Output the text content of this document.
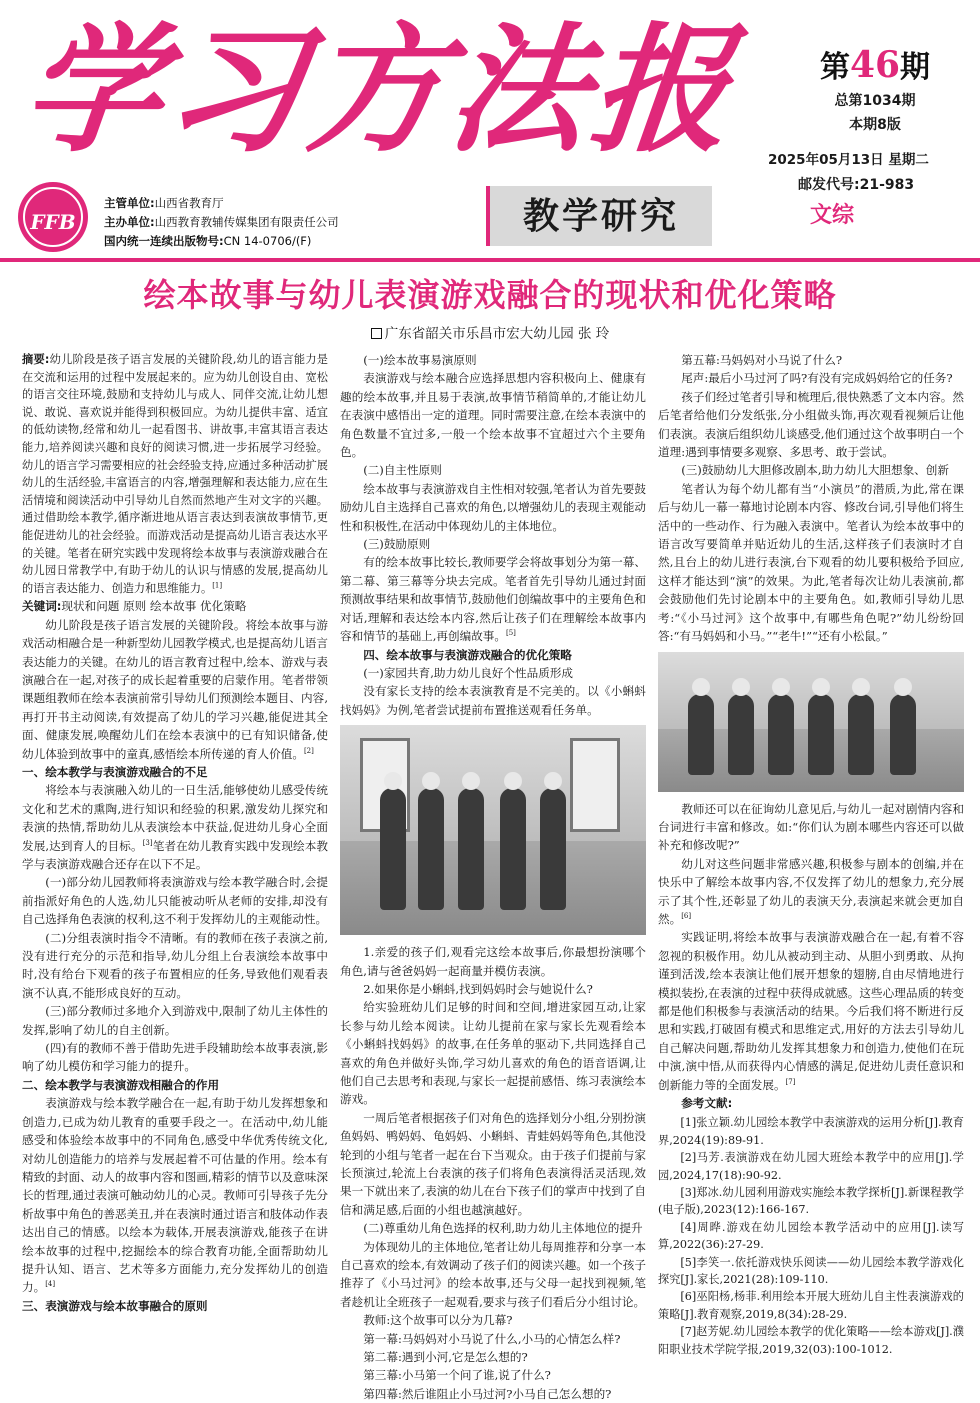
学习方法报	第46期
总第1034期
本期8版
2025年05月13日 星期二
邮发代号:21-983
FFB
主管单位:山西省教育厅
主办单位:山西教育教辅传媒集团有限责任公司
国内统一连续出版物号:CN 14-0706/(F)
教学研究	文综
绘本故事与幼儿表演游戏融合的现状和优化策略
广东省韶关市乐昌市宏大幼儿园 张 玲

摘要:幼儿阶段是孩子语言发展的关键阶段,幼儿的语言能力是在交流和运用的过程中发展起来的。应为幼儿创设自由、宽松的语言交往环境,鼓励和支持幼儿与成人、同伴交流,让幼儿想说、敢说、喜欢说并能得到积极回应。为幼儿提供丰富、适宜的低幼读物,经常和幼儿一起看图书、讲故事,丰富其语言表达能力,培养阅读兴趣和良好的阅读习惯,进一步拓展学习经验。幼儿的语言学习需要相应的社会经验支持,应通过多种活动扩展幼儿的生活经验,丰富语言的内容,增强理解和表达能力,应在生活情境和阅读活动中引导幼儿自然而然地产生对文字的兴趣。通过借助绘本教学,循序渐进地从语言表达到表演故事情节,更能促进幼儿的社会经验。而游戏活动是提高幼儿语言表达水平的关键。笔者在研究实践中发现将绘本故事与表演游戏融合在幼儿园日常教学中,有助于幼儿的认识与情感的发展,提高幼儿的语言表达能力、创造力和思维能力。[1]

关键词:现状和问题 原则 绘本故事 优化策略

幼儿阶段是孩子语言发展的关键阶段。将绘本故事与游戏活动相融合是一种新型幼儿园教学模式,也是提高幼儿语言表达能力的关键。在幼儿的语言教育过程中,绘本、游戏与表演融合在一起,对孩子的成长起着重要的启蒙作用。笔者带领课题组教师在绘本表演前常引导幼儿们预测绘本题目、内容,再打开书主动阅读,有效提高了幼儿的学习兴趣,能促进其全面、健康发展,唤醒幼儿们在绘本表演中的已有知识储备,使幼儿体验到故事中的童真,感悟绘本所传递的育人价值。[2]

一、绘本教学与表演游戏融合的不足

将绘本与表演融入幼儿的一日生活,能够使幼儿感受传统文化和艺术的熏陶,进行知识和经验的积累,激发幼儿探究和表演的热情,帮助幼儿从表演绘本中获益,促进幼儿身心全面发展,达到育人的目标。[3]笔者在幼儿教育实践中发现绘本教学与表演游戏融合还存在以下不足。

(一)部分幼儿园教师将表演游戏与绘本教学融合时,会提前指派好角色的人选,幼儿只能被动听从老师的安排,却没有自己选择角色表演的权利,这不利于发挥幼儿的主观能动性。

(二)分组表演时指令不清晰。有的教师在孩子表演之前,没有进行充分的示范和指导,幼儿分组上台表演绘本故事中时,没有给台下观看的孩子布置相应的任务,导致他们观看表演不认真,不能形成良好的互动。

(三)部分教师过多地介入到游戏中,限制了幼儿主体性的发挥,影响了幼儿的自主创新。

(四)有的教师不善于借助先进手段辅助绘本故事表演,影响了幼儿模仿和学习能力的提升。

二、绘本教学与表演游戏相融合的作用

表演游戏与绘本教学融合在一起,有助于幼儿发挥想象和创造力,已成为幼儿教育的重要手段之一。在活动中,幼儿能感受和体验绘本故事中的不同角色,感受中华优秀传统文化,对幼儿创造能力的培养与发展起着不可估量的作用。绘本有精致的封面、动人的故事内容和图画,精彩的情节以及意味深长的哲理,通过表演可触动幼儿的心灵。教师可引导孩子先分析故事中角色的善恶美丑,并在表演时通过语言和肢体动作表达出自己的情感。以绘本为载体,开展表演游戏,能孩子在讲绘本故事的过程中,挖掘绘本的综合教育功能,全面帮助幼儿提升认知、语言、艺术等多方面能力,充分发挥幼儿的创造力。[4]

三、表演游戏与绘本故事融合的原则

(一)绘本故事易演原则

表演游戏与绘本融合应选择思想内容积极向上、健康有趣的绘本故事,并且易于表演,故事情节稍简单的,才能让幼儿在表演中感悟出一定的道理。同时需要注意,在绘本表演中的角色数量不宜过多,一般一个绘本故事不宜超过六个主要角色。

(二)自主性原则

绘本故事与表演游戏自主性相对较强,笔者认为首先要鼓励幼儿自主选择自己喜欢的角色,以增强幼儿的表现主观能动性和积极性,在活动中体现幼儿的主体地位。

(三)鼓励原则

有的绘本故事比较长,教师要学会将故事划分为第一幕、第二幕、第三幕等分块去完成。笔者首先引导幼儿通过封面预测故事结果和故事情节,鼓励他们创编故事中的主要角色和对话,理解和表达绘本内容,然后让孩子们在理解绘本故事内容和情节的基础上,再创编故事。[5]

四、绘本故事与表演游戏融合的优化策略

(一)家园共育,助力幼儿良好个性品质形成

没有家长支持的绘本表演教育是不完美的。以《小蝌蚪找妈妈》为例,笔者尝试提前布置推送观看任务单。

1.亲爱的孩子们,观看完这绘本故事后,你最想扮演哪个角色,请与爸爸妈妈一起商量并模仿表演。

2.如果你是小蝌蚪,找到妈妈时会与她说什么?

给实验班幼儿们足够的时间和空间,增进家园互动,让家长参与幼儿绘本阅读。让幼儿提前在家与家长先观看绘本《小蝌蚪找妈妈》的故事,在任务单的驱动下,共同选择自己喜欢的角色并做好头饰,学习幼儿喜欢的角色的语音语调,让他们自己去思考和表现,与家长一起提前感悟、练习表演绘本游戏。

一周后笔者根据孩子们对角色的选择划分小组,分别扮演鱼妈妈、鸭妈妈、龟妈妈、小蝌蚪、青蛙妈妈等角色,其他没轮到的小组与笔者一起在台下当观众。由于孩子们提前与家长预演过,轮流上台表演的孩子们将角色表演得活灵活现,效果一下就出来了,表演的幼儿在台下孩子们的掌声中找到了自信和满足感,后面的小组也越演越好。

(二)尊重幼儿角色选择的权利,助力幼儿主体地位的提升

为体现幼儿的主体地位,笔者让幼儿每周推荐和分享一本自己喜欢的绘本,有效调动了孩子们的阅读兴趣。如一个孩子推荐了《小马过河》的绘本故事,还与父母一起找到视频,笔者趁机让全班孩子一起观看,要求与孩子们看后分小组讨论。

教师:这个故事可以分为几幕?

第一幕:马妈妈对小马说了什么,小马的心情怎么样?

第二幕:遇到小河,它是怎么想的?

第三幕:小马第一个问了谁,说了什么?

第四幕:然后谁阻止小马过河?小马自己怎么想的?

第五幕:马妈妈对小马说了什么?

尾声:最后小马过河了吗?有没有完成妈妈给它的任务?

孩子们经过笔者引导和梳理后,很快熟悉了文本内容。然后笔者给他们分发纸张,分小组做头饰,再次观看视频后让他们表演。表演后组织幼儿谈感受,他们通过这个故事明白一个道理:遇到事情要多观察、多思考、敢于尝试。

(三)鼓励幼儿大胆修改剧本,助力幼儿大胆想象、创新

笔者认为每个幼儿都有当“小演员”的潜质,为此,常在课后与幼儿一幕一幕地讨论剧本内容、修改台词,引导他们将生活中的一些动作、行为融入表演中。笔者认为绘本故事中的语言改写要简单并贴近幼儿的生活,这样孩子们表演时才自然,且台上的幼儿进行表演,台下观看的幼儿要积极给予回应,这样才能达到“演”的效果。为此,笔者每次让幼儿表演前,都会鼓励他们先讨论剧本中的主要角色。如,教师引导幼儿思考:“《小马过河》这个故事中,有哪些角色呢?”幼儿纷纷回答:“有马妈妈和小马。”“老牛!”“还有小松鼠。”

教师还可以在征询幼儿意见后,与幼儿一起对剧情内容和台词进行丰富和修改。如:“你们认为剧本哪些内容还可以做补充和修改呢?”

幼儿对这些问题非常感兴趣,积极参与剧本的创编,并在快乐中了解绘本故事内容,不仅发挥了幼儿的想象力,充分展示了其个性,还彰显了幼儿的表演天分,表演起来就会更加自然。[6]

实践证明,将绘本故事与表演游戏融合在一起,有着不容忽视的积极作用。幼儿从被动到主动、从胆小到勇敢、从拘谨到活泼,绘本表演让他们展开想象的翅膀,自由尽情地进行模拟装扮,在表演的过程中获得成就感。这些心理品质的转变都是他们积极参与表演活动的结果。今后我们将不断进行反思和实践,打破固有模式和思维定式,用好的方法去引导幼儿自己解决问题,帮助幼儿发挥其想象力和创造力,使他们在玩中演,演中悟,从而获得内心情感的满足,促进幼儿责任意识和创新能力等的全面发展。[7]

参考文献:

[1]张立颖.幼儿园绘本教学中表演游戏的运用分析[J].教育界,2024(19):89-91.

[2]马芳.表演游戏在幼儿园大班绘本教学中的应用[J].学园,2024,17(18):90-92.

[3]郑冰.幼儿园利用游戏实施绘本教学探析[J].新课程教学(电子版),2023(12):166-167.

[4]周晔.游戏在幼儿园绘本教学活动中的应用[J].读写算,2022(36):27-29.

[5]李笑一.依托游戏快乐阅读——幼儿园绘本教学游戏化探究[J].家长,2021(28):109-110.

[6]巫阳杨,杨菲.利用绘本开展大班幼儿自主性表演游戏的策略[J].教育观察,2019,8(34):28-29.

[7]赵芳妮.幼儿园绘本教学的优化策略——绘本游戏[J].濮阳职业技术学院学报,2019,32(03):100-1012.
